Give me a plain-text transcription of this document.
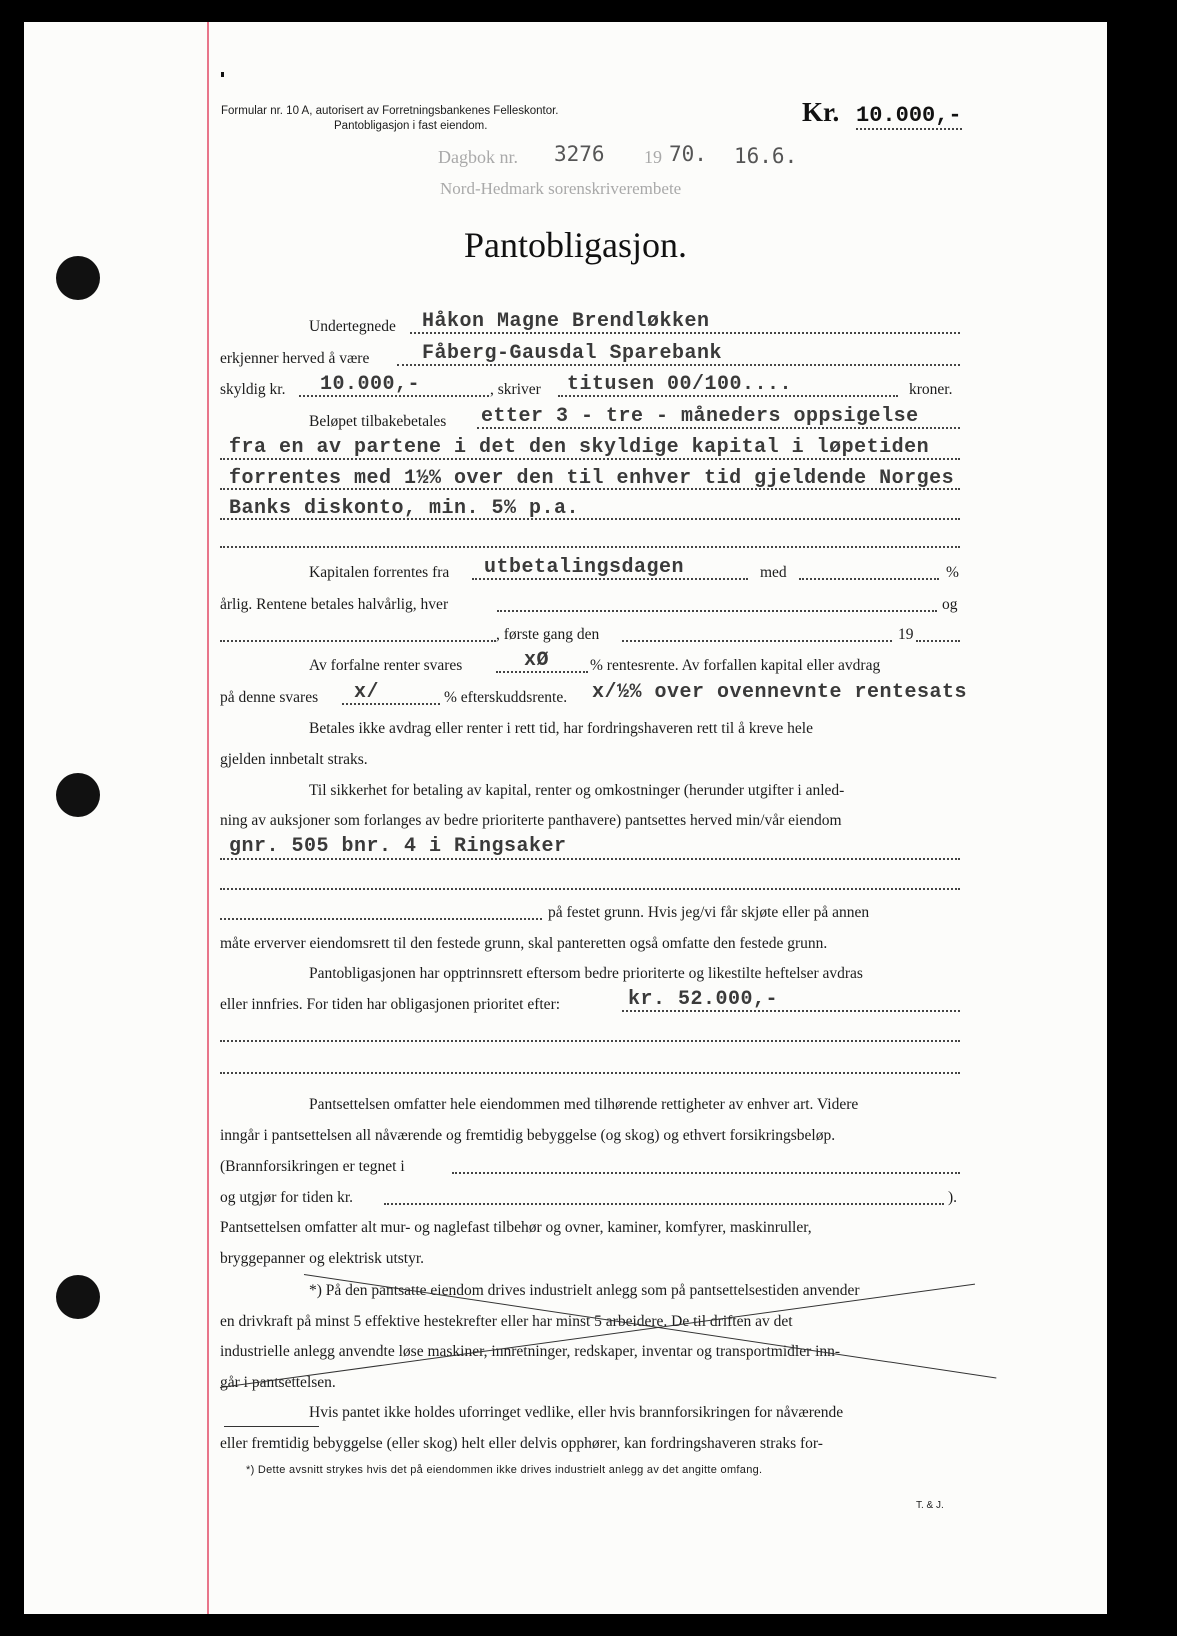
Formular nr. 10 A, autorisert av Forretningsbankenes Felleskontor.
Pantobligasjon i fast eiendom.	Kr. 10.000,-
Dagbok nr. 3276 19 70. 16.6.
Nord-Hedmark sorenskriverembete
Pantobligasjon.
Undertegnede Håkon Magne Brendløkken
erkjenner herved å være	Fåberg-Gausdal Sparebank
skyldig kr. 10.000,-	, skriver titusen 00/100....	kroner.
Beløpet tilbakebetales etter 3 - tre - måneders oppsigelse
fra en av partene i det den skyldige kapital i løpetiden
forrentes med 1½% over den til enhver tid gjeldende Norges
Banks diskonto, min. 5% p.a.
Kapitalen forrentes fra utbetalingsdagen	med	%
årlig. Rentene betales halvårlig, hver	og
, første gang den	19
Av forfalne renter svares	xØ	% rentesrente. Av forfallen kapital eller avdrag
på denne svares x/	% efterskuddsrente. x/½% over ovennevnte rentesats
Betales ikke avdrag eller renter i rett tid, har fordringshaveren rett til å kreve hele
gjelden innbetalt straks.
Til sikkerhet for betaling av kapital, renter og omkostninger (herunder utgifter i anled-
ning av auksjoner som forlanges av bedre prioriterte panthavere) pantsettes herved min/vår eiendom
gnr. 505 bnr. 4 i Ringsaker
på festet grunn. Hvis jeg/vi får skjøte eller på annen
måte erverver eiendomsrett til den festede grunn, skal panteretten også omfatte den festede grunn.
Pantobligasjonen har opptrinnsrett eftersom bedre prioriterte og likestilte heftelser avdras
eller innfries. For tiden har obligasjonen prioritet efter:	kr. 52.000,-
Pantsettelsen omfatter hele eiendommen med tilhørende rettigheter av enhver art. Videre
inngår i pantsettelsen all nåværende og fremtidig bebyggelse (og skog) og ethvert forsikringsbeløp.
(Brannforsikringen er tegnet i
og utgjør for tiden kr.	).
Pantsettelsen omfatter alt mur- og naglefast tilbehør og ovner, kaminer, komfyrer, maskinruller,
bryggepanner og elektrisk utstyr.
*) På den pantsatte eiendom drives industrielt anlegg som på pantsettelsestiden anvender
en drivkraft på minst 5 effektive hestekrefter eller har minst 5 arbeidere. De til driften av det
industrielle anlegg anvendte løse maskiner, innretninger, redskaper, inventar og transportmidler inn-
går i pantsettelsen.
Hvis pantet ikke holdes uforringet vedlike, eller hvis brannforsikringen for nåværende
eller fremtidig bebyggelse (eller skog) helt eller delvis opphører, kan fordringshaveren straks for-
*) Dette avsnitt strykes hvis det på eiendommen ikke drives industrielt anlegg av det angitte omfang.
T. & J.
